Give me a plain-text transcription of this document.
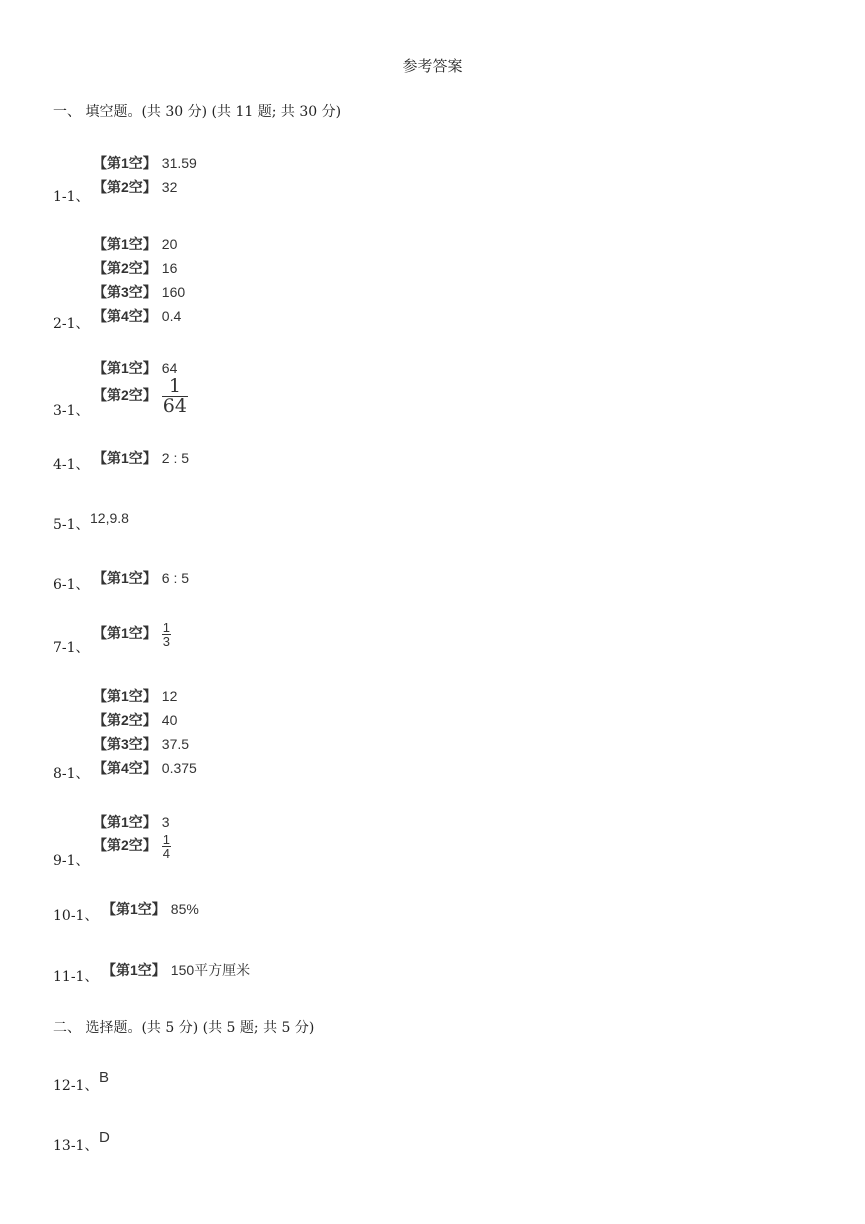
参考答案
一、 填空题。(共 30 分) (共 11 题; 共 30 分)
【第1空】 31.59
【第2空】 32
1-1、
【第1空】 20
【第2空】 16
【第3空】 160
【第4空】 0.4
2-1、
【第1空】 64
【第2空】 $\frac{1}{64}$
3-1、
4-1、 【第1空】 2 : 5
5-1、 12,9.8
6-1、 【第1空】 6 : 5
【第1空】 $\frac{1}{3}$
7-1、
【第1空】 12
【第2空】 40
【第3空】 37.5
【第4空】 0.375
8-1、
【第1空】 3
【第2空】 $\frac{1}{4}$
9-1、
10-1、 【第1空】 85%
11-1、 【第1空】 150平方厘米
二、 选择题。(共 5 分) (共 5 题; 共 5 分)
12-1、 B
13-1、 D
